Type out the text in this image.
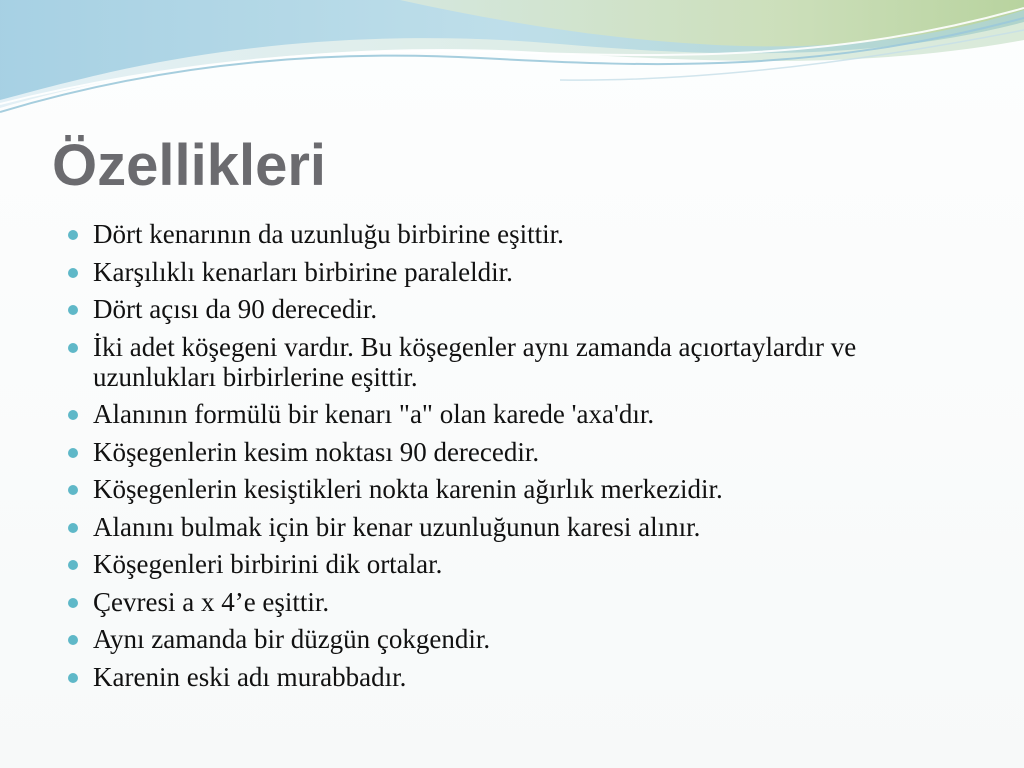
Özellikleri
Dört kenarının da uzunluğu birbirine eşittir.
Karşılıklı kenarları birbirine paraleldir.
Dört açısı da 90 derecedir.
İki adet köşegeni vardır. Bu köşegenler aynı zamanda açıortaylardır ve uzunlukları birbirlerine eşittir.
Alanının formülü bir kenarı "a" olan karede 'axa'dır.
Köşegenlerin kesim noktası 90 derecedir.
Köşegenlerin kesiştikleri nokta karenin ağırlık merkezidir.
Alanını bulmak için bir kenar uzunluğunun karesi alınır.
Köşegenleri birbirini dik ortalar.
Çevresi a x 4’e eşittir.
Aynı zamanda bir düzgün çokgendir.
Karenin eski adı murabbadır.
